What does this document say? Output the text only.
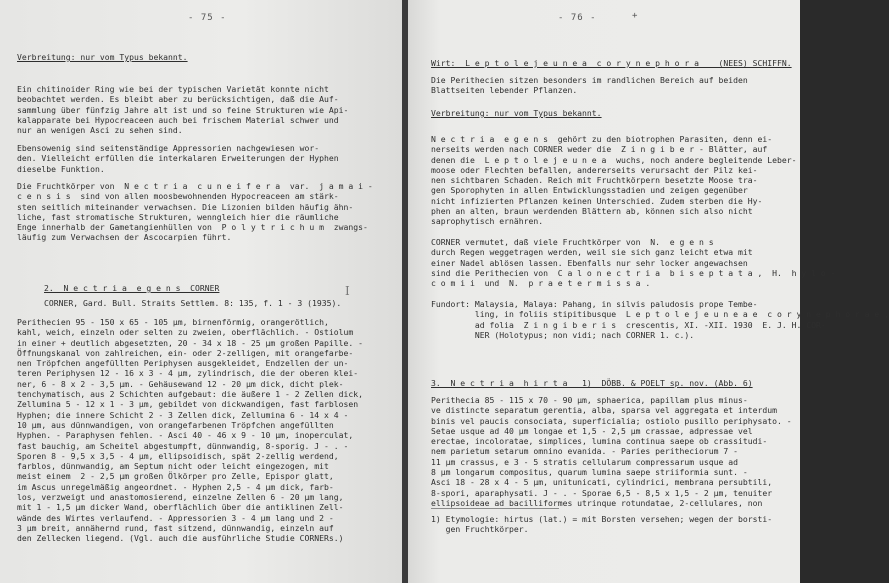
- 75 -
Verbreitung: nur vom Typus bekannt.
Ein chitinoider Ring wie bei der typischen Varietät konnte nicht
beobachtet werden. Es bleibt aber zu berücksichtigen, daß die Auf-
sammlung über fünfzig Jahre alt ist und so feine Strukturen wie Api-
kalapparate bei Hypocreaceen auch bei frischem Material schwer und
nur an wenigen Asci zu sehen sind.
Ebensowenig sind seitenständige Appressorien nachgewiesen wor-
den. Vielleicht erfüllen die interkalaren Erweiterungen der Hyphen
dieselbe Funktion.
Die Fruchtkörper von  N e c t r i a  c u n e i f e r a  var.  j a m a i -
c e n s i s  sind von allen moosbewohnenden Hypocreaceen am stärk-
sten seitlich miteinander verwachsen. Die Lizonien bilden häufig ähn-
liche, fast stromatische Strukturen, wenngleich hier die räumliche
Enge innerhalb der Gametangienhüllen von  P o l y t r i c h u m  zwangs-
läufig zum Verwachsen der Ascocarpien führt.
2.  N e c t r i a  e g e n s  CORNER
CORNER, Gard. Bull. Straits Settlem. 8: 135, f. 1 - 3 (1935).
Perithecien 95 - 150 x 65 - 105 µm, birnenförmig, orangerötlich,
kahl, weich, einzeln oder selten zu zweien, oberflächlich. - Ostiolum
in einer + deutlich abgesetzten, 20 - 34 x 18 - 25 µm großen Papille. -
Öffnungskanal von zahlreichen, ein- oder 2-zelligen, mit orangefarbe-
nen Tröpfchen angefüllten Periphysen ausgekleidet, Endzellen der un-
teren Periphysen 12 - 16 x 3 - 4 µm, zylindrisch, die der oberen klei-
ner, 6 - 8 x 2 - 3,5 µm. - Gehäusewand 12 - 20 µm dick, dicht plek-
tenchymatisch, aus 2 Schichten aufgebaut: die äußere 1 - 2 Zellen dick,
Zellumina 5 - 12 x 1 - 3 µm, gebildet von dickwandigen, fast farblosen
Hyphen; die innere Schicht 2 - 3 Zellen dick, Zellumina 6 - 14 x 4 -
10 µm, aus dünnwandigen, von orangefarbenen Tröpfchen angefüllten
Hyphen. - Paraphysen fehlen. - Asci 40 - 46 x 9 - 10 µm, inoperculat,
fast bauchig, am Scheitel abgestumpft, dünnwandig, 8-sporig. J - . -
Sporen 8 - 9,5 x 3,5 - 4 µm, ellipsoidisch, spät 2-zellig werdend,
farblos, dünnwandig, am Septum nicht oder leicht eingezogen, mit
meist einem  2 - 2,5 µm großen Ölkörper pro Zelle, Epispor glatt,
im Ascus unregelmäßig angeordnet. - Hyphen 2,5 - 4 µm dick, farb-
los, verzweigt und anastomosierend, einzelne Zellen 6 - 20 µm lang,
mit 1 - 1,5 µm dicker Wand, oberflächlich über die antiklinen Zell-
wände des Wirtes verlaufend. - Appressorien 3 - 4 µm lang und 2 -
3 µm breit, annähernd rund, fast sitzend, dünnwandig, einzeln auf
den Zellecken liegend. (Vgl. auch die ausführliche Studie CORNERs.)
- 76 -	+
Wirt:  L e p t o l e j e u n e a  c o r y n e p h o r a    (NEES) SCHIFFN.
Die Perithecien sitzen besonders im randlichen Bereich auf beiden
Blattseiten lebender Pflanzen.
Verbreitung: nur vom Typus bekannt.
N e c t r i a  e g e n s  gehört zu den biotrophen Parasiten, denn ei-
nerseits werden nach CORNER weder die  Z i n g i b e r - Blätter, auf
denen die  L e p t o l e j e u n e a  wuchs, noch andere begleitende Leber-
moose oder Flechten befallen, andererseits verursacht der Pilz kei-
nen sichtbaren Schaden. Reich mit Fruchtkörpern besetzte Moose tra-
gen Sporophyten in allen Entwicklungsstadien und zeigen gegenüber
nicht infizierten Pflanzen keinen Unterschied. Zudem sterben die Hy-
phen an alten, braun werdenden Blättern ab, können sich also nicht
saprophytisch ernähren.
CORNER vermutet, daß viele Fruchtkörper von  N.  e g e n s
durch Regen weggetragen werden, weil sie sich ganz leicht etwa mit
einer Nadel ablösen lassen. Ebenfalls nur sehr locker angewachsen
sind die Perithecien von  C a l o n e c t r i a  b i s e p t a t a ,  H.  h y l o -
c o m i i  und  N.  p r a e t e r m i s s a .
Fundort: Malaysia, Malaya: Pahang, in silvis paludosis prope Tembe-
ling, in foliis stipitibusque  L e p t o l e j e u n e a e  c o r y n e p h o r a e ,
ad folia  Z i n g i b e r i s  crescentis, XI. -XII. 1930  E. J. H. COR-
NER (Holotypus; non vidi; nach CORNER 1. c.).
3.  N e c t r i a  h i r t a   1)  DÖBB. & POELT sp. nov. (Abb. 6)
Perithecia 85 - 115 x 70 - 90 µm, sphaerica, papillam plus minus-
ve distincte separatum gerentia, alba, sparsa vel aggregata et interdum
binis vel paucis consociata, superficialia; ostiolo pusillo periphysato. -
Setae usque ad 40 µm longae et 1,5 - 2,5 µm crassae, adpressae vel
erectae, incoloratae, simplices, lumina continua saepe ob crassitudi-
nem parietum setarum omnino evanida. - Paries peritheciorum 7 -
11 µm crassus, e 3 - 5 stratis cellularum compressarum usque ad
8 µm longarum compositus, quarum lumina saepe striiformia sunt. -
Asci 18 - 28 x 4 - 5 µm, unitunicati, cylindrici, membrana persubtili,
8-spori, aparaphysati. J - . - Sporae 6,5 - 8,5 x 1,5 - 2 µm, tenuiter
ellipsoideae ad bacilliformes utrinque rotundatae, 2-cellulares, non
1) Etymologie: hirtus (lat.) = mit Borsten versehen; wegen der borsti-
gen Fruchtkörper.
I
